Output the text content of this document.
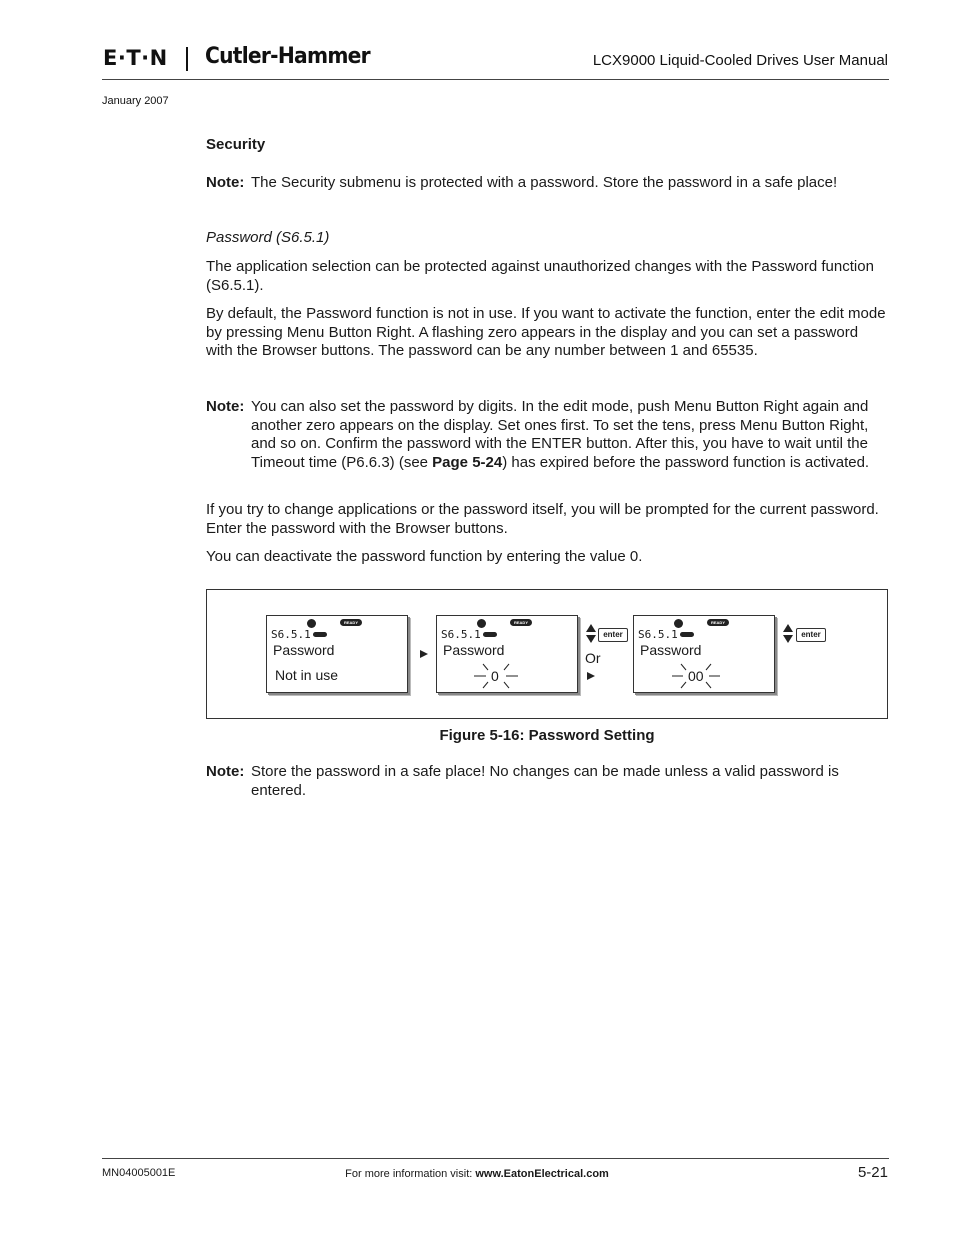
E·T·N Cutler-Hammer	LCX9000 Liquid-Cooled Drives User Manual
January 2007
Security
Note: The Security submenu is protected with a password. Store the password in a safe place!
Password (S6.5.1)
The application selection can be protected against unauthorized changes with the Password function (S6.5.1).
By default, the Password function is not in use. If you want to activate the function, enter the edit mode by pressing Menu Button Right. A flashing zero appears in the display and you can set a password with the Browser buttons. The password can be any number between 1 and 65535.
Note: You can also set the password by digits. In the edit mode, push Menu Button Right again and another zero appears on the display. Set ones first. To set the tens, press Menu Button Right, and so on. Confirm the password with the ENTER button. After this, you have to wait until the Timeout time (P6.6.3) (see Page 5-24) has expired before the password function is activated.
If you try to change applications or the password itself, you will be prompted for the current password. Enter the password with the Browser buttons.
You can deactivate the password function by entering the value 0.
READY
S6.5.1
Password
Not in use
READY
S6.5.1
Password
0
enter
Or
READY
S6.5.1
Password
00
enter
Figure 5-16: Password Setting
Note: Store the password in a safe place! No changes can be made unless a valid password is entered.
MN04005001E	For more information visit: www.EatonElectrical.com	5-21
